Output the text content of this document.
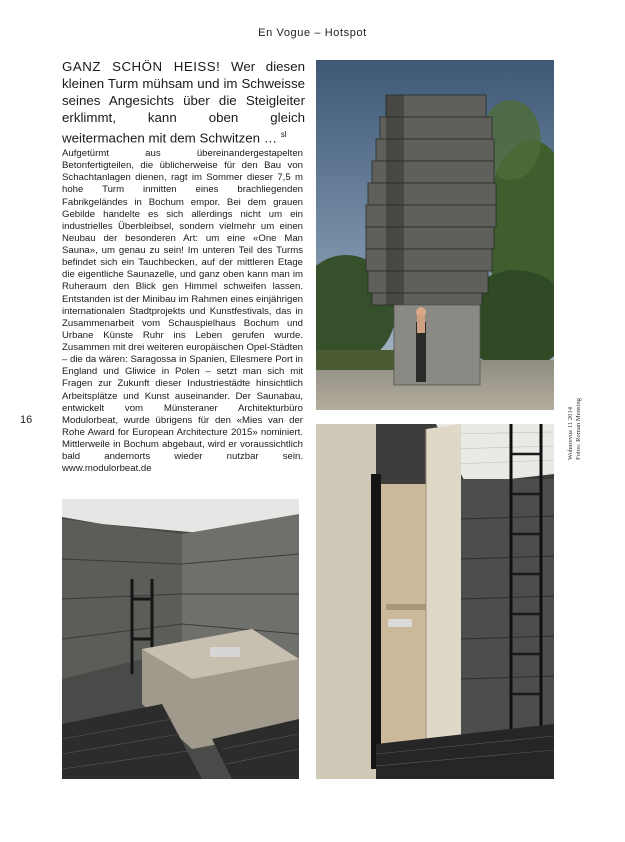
En Vogue – Hotspot
GANZ SCHÖN HEISS! Wer diesen kleinen Turm mühsam und im Schweisse seines Angesichts über die Steigleiter erklimmt, kann oben gleich weitermachen mit dem Schwitzen … $^{sl}$
Aufgetürmt aus übereinandergestapelten Betonfertigteilen, die üblicherweise für den Bau von Schachtanlagen dienen, ragt im Sommer dieser 7,5 m hohe Turm inmitten eines brachliegenden Fabrikgeländes in Bochum empor. Bei dem grauen Gebilde handelte es sich allerdings nicht um ein industrielles Überbleibsel, sondern vielmehr um einen Neubau der besonderen Art: um eine «One Man Sauna», um genau zu sein! Im unteren Teil des Turms befindet sich ein Tauchbecken, auf der mittleren Etage die eigentliche Saunazelle, und ganz oben kann man im Ruheraum den Blick gen Himmel schweifen lassen. Entstanden ist der Minibau im Rahmen eines einjährigen internationalen Stadtprojekts und Kunstfestivals, das in Zusammenarbeit vom Schauspielhaus Bochum und Urbane Künste Ruhr ins Leben gerufen wurde. Zusammen mit drei weiteren europäischen Opel-Städten – die da wären: Saragossa in Spanien, Ellesmere Port in England und Gliwice in Polen – setzt man sich mit Fragen zur Zukunft dieser Industriestädte hinsichtlich Arbeitsplätze und Kunst auseinander. Der Saunabau, entwickelt vom Münsteraner Architekturbüro Modulorbeat, wurde übrigens für den «Mies van der Rohe Award for European Architecture 2015» nominiert. Mittlerweile in Bochum abgebaut, wird er voraussichtlich bald andernorts wieder nutzbar sein. www.modulorbeat.de
16	Wohnrevue 11 2014 Fotos: Roman Mensing
